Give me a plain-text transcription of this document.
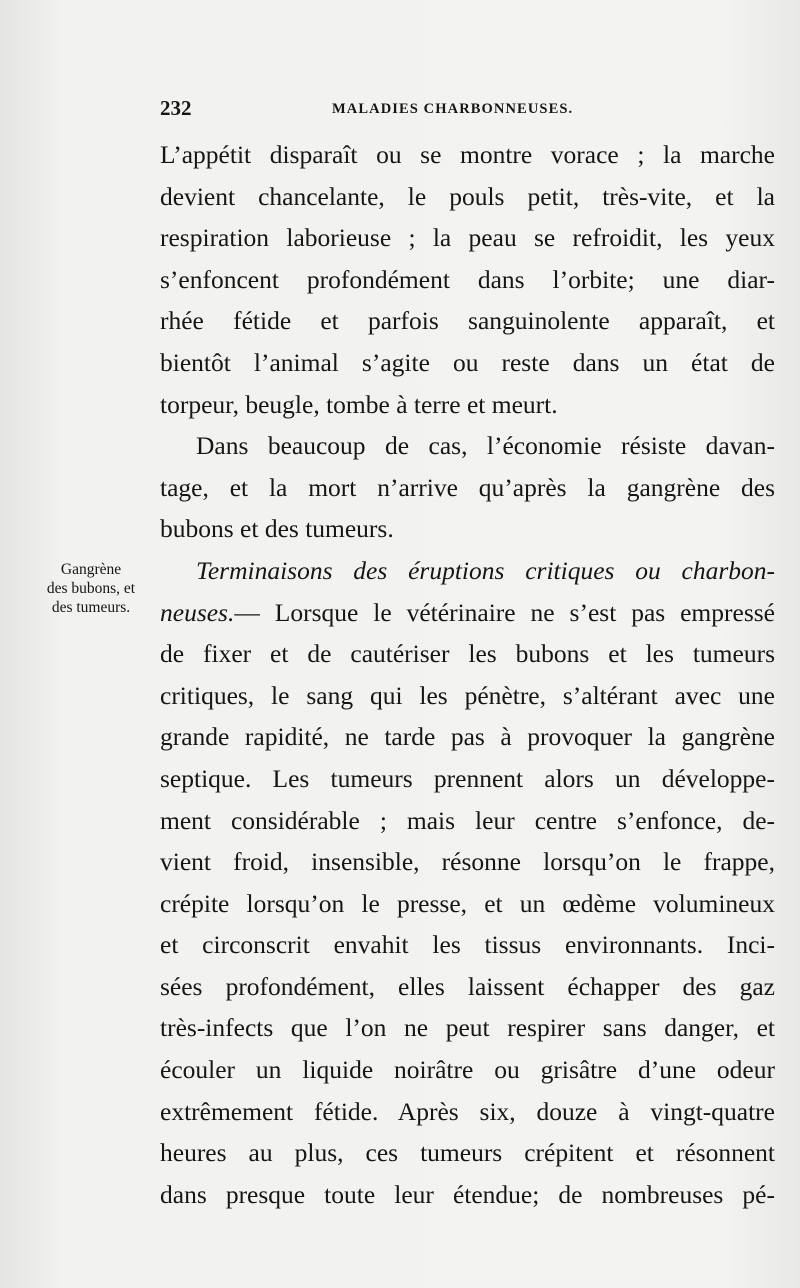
232	MALADIES CHARBONNEUSES.
Gangrène
des bubons, et
des tumeurs.
L’appétit disparaît ou se montre vorace ; la marche
devient chancelante, le pouls petit, très-vite, et la
respiration laborieuse ; la peau se refroidit, les yeux
s’enfoncent profondément dans l’orbite; une diar-
rhée fétide et parfois sanguinolente apparaît, et
bientôt l’animal s’agite ou reste dans un état de
torpeur, beugle, tombe à terre et meurt.
Dans beaucoup de cas, l’économie résiste davan-
tage, et la mort n’arrive qu’après la gangrène des
bubons et des tumeurs.
Terminaisons des éruptions critiques ou charbon-
neuses.— Lorsque le vétérinaire ne s’est pas empressé
de fixer et de cautériser les bubons et les tumeurs
critiques, le sang qui les pénètre, s’altérant avec une
grande rapidité, ne tarde pas à provoquer la gangrène
septique. Les tumeurs prennent alors un développe-
ment considérable ; mais leur centre s’enfonce, de-
vient froid, insensible, résonne lorsqu’on le frappe,
crépite lorsqu’on le presse, et un œdème volumineux
et circonscrit envahit les tissus environnants. Inci-
sées profondément, elles laissent échapper des gaz
très-infects que l’on ne peut respirer sans danger, et
écouler un liquide noirâtre ou grisâtre d’une odeur
extrêmement fétide. Après six, douze à vingt-quatre
heures au plus, ces tumeurs crépitent et résonnent
dans presque toute leur étendue; de nombreuses pé-
